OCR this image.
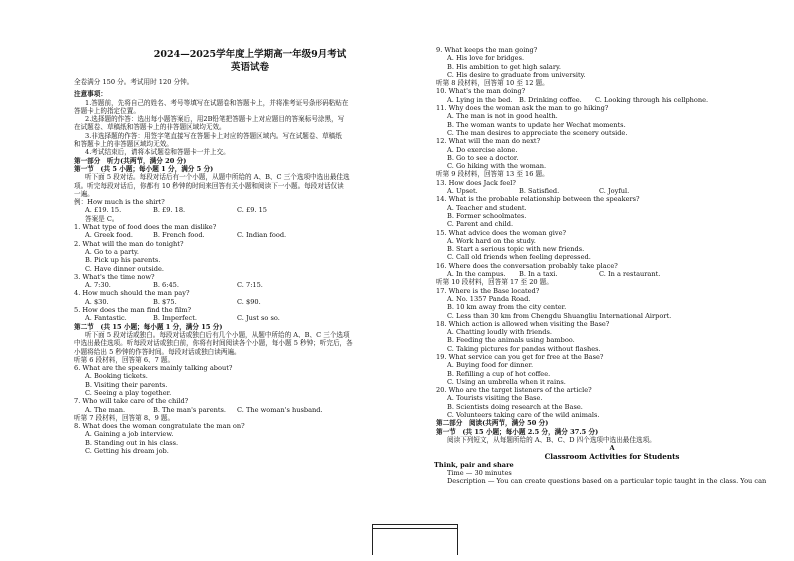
2024—2025学年度上学期高一年级9月考试
英语试卷
全卷满分 150 分。考试用时 120 分钟。
注意事项：
1.答题前，先将自己的姓名、考号等填写在试题卷和答题卡上，并将准考证号条形码粘贴在
答题卡上的指定位置。
2.选择题的作答：选出每小题答案后，用2B铅笔把答题卡上对应题目的答案标号涂黑，写
在试题卷、草稿纸和答题卡上的非答题区域均无效。
3.非选择题的作答：用签字笔直接写在答题卡上对应的答题区域内。写在试题卷、草稿纸
和答题卡上的非答题区域均无效。
4.考试结束后，请将本试题卷和答题卡一并上交。
第一部分　听力(共两节，满分 20 分)
第一节　(共 5 小题；每小题 1 分，满分 5 分)
听下面 5 段对话。每段对话后有一个小题，从题中所给的 A、B、C 三个选项中选出最佳选
项。听完每段对话后，你都有 10 秒钟的时间来回答有关小题和阅读下一小题。每段对话仅读
一遍。
例：How much is the shirt?
A. £19. 15.	B. £9. 18.	C. £9. 15
答案是 C。
1. What type of food does the man dislike?
A. Greek food.	B. French food.	C. Indian food.
2. What will the man do tonight?
A. Go to a party.
B. Pick up his parents.
C. Have dinner outside.
3. What's the time now?
A. 7:30.	B. 6:45.	C. 7:15.
4. How much should the man pay?
A. $30.	B. $75.	C. $90.
5. How does the man find the film?
A. Fantastic.	B. Imperfect.	C. Just so so.
第二节　(共 15 小题；每小题 1 分，满分 15 分)
听下面 5 段对话或独白。每段对话或独白后有几个小题，从题中所给的 A、B、C 三个选项
中选出最佳选项。听每段对话或独白前，你将有时间阅读各个小题，每小题 5 秒钟；听完后，各
小题将给出 5 秒钟的作答时间。每段对话或独白读两遍。
听第 6 段材料，回答第 6、7 题。
6. What are the speakers mainly talking about?
A. Booking tickets.
B. Visiting their parents.
C. Seeing a play together.
7. Who will take care of the child?
A. The man.	B. The man's parents.	C. The woman's husband.
听第 7 段材料，回答第 8、9 题。
8. What does the woman congratulate the man on?
A. Gaining a job interview.
B. Standing out in his class.
C. Getting his dream job.
9. What keeps the man going?
A. His love for bridges.
B. His ambition to get high salary.
C. His desire to graduate from university.
听第 8 段材料，回答第 10 至 12 题。
10. What's the man doing?
A. Lying in the bed. B. Drinking coffee.	C. Looking through his cellphone.
11. Why does the woman ask the man to go hiking?
A. The man is not in good health.
B. The woman wants to update her Wechat moments.
C. The man desires to appreciate the scenery outside.
12. What will the man do next?
A. Do exercise alone.
B. Go to see a doctor.
C. Go hiking with the woman.
听第 9 段材料，回答第 13 至 16 题。
13. How does Jack feel?
A. Upset.	B. Satisfied.	C. Joyful.
14. What is the probable relationship between the speakers?
A. Teacher and student.
B. Former schoolmates.
C. Parent and child.
15. What advice does the woman give?
A. Work hard on the study.
B. Start a serious topic with new friends.
C. Call old friends when feeling depressed.
16. Where does the conversation probably take place?
A. In the campus.	B. In a taxi.	C. In a restaurant.
听第 10 段材料，回答第 17 至 20 题。
17. Where is the Base located?
A. No. 1357 Panda Road.
B. 10 km away from the city center.
C. Less than 30 km from Chengdu Shuangliu International Airport.
18. Which action is allowed when visiting the Base?
A. Chatting loudly with friends.
B. Feeding the animals using bamboo.
C. Taking pictures for pandas without flashes.
19. What service can you get for free at the Base?
A. Buying food for dinner.
B. Refilling a cup of hot coffee.
C. Using an umbrella when it rains.
20. Who are the target listeners of the article?
A. Tourists visiting the Base.
B. Scientists doing research at the Base.
C. Volunteers taking care of the wild animals.
第二部分　阅读(共两节，满分 50 分)
第一节　(共 15 小题；每小题 2.5 分，满分 37.5 分)
阅读下列短文，从每题所给的 A、B、C、D 四个选项中选出最佳选项。
A
Classroom Activities for Students
Think, pair and share
Time — 30 minutes
Description — You can create questions based on a particular topic taught in the class. You can
